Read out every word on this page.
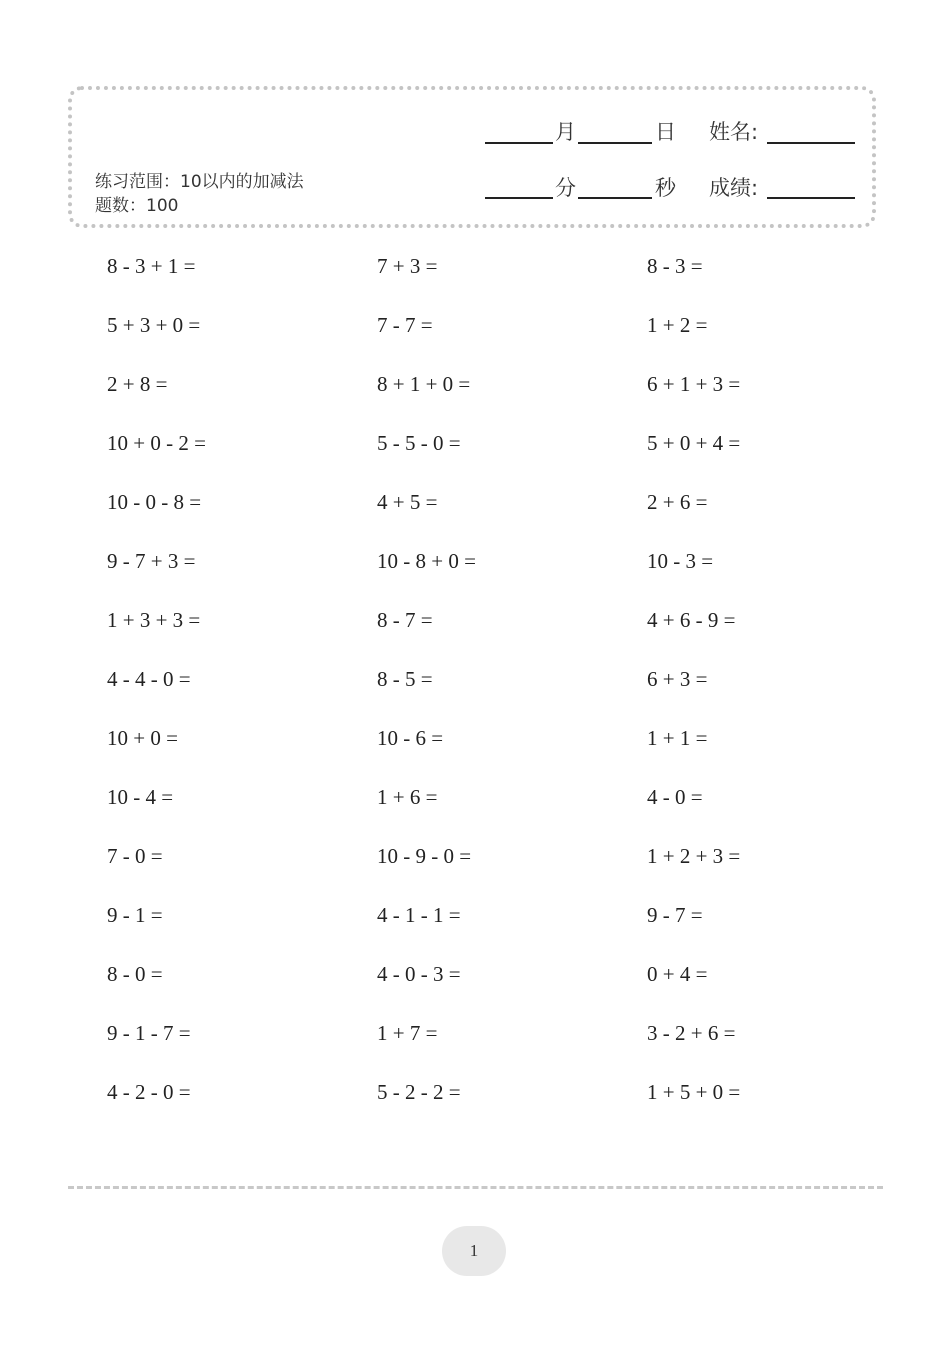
练习范围：10以内的加减法
题数：100
月	日 姓名:
分	秒 成绩:
8 - 3 + 1 =	7 + 3 =	8 - 3 =
5 + 3 + 0 =	7 - 7 =	1 + 2 =
2 + 8 =	8 + 1 + 0 =	6 + 1 + 3 =
10 + 0 - 2 =	5 - 5 - 0 =	5 + 0 + 4 =
10 - 0 - 8 =	4 + 5 =	2 + 6 =
9 - 7 + 3 =	10 - 8 + 0 =	10 - 3 =
1 + 3 + 3 =	8 - 7 =	4 + 6 - 9 =
4 - 4 - 0 =	8 - 5 =	6 + 3 =
10 + 0 =	10 - 6 =	1 + 1 =
10 - 4 =	1 + 6 =	4 - 0 =
7 - 0 =	10 - 9 - 0 =	1 + 2 + 3 =
9 - 1 =	4 - 1 - 1 =	9 - 7 =
8 - 0 =	4 - 0 - 3 =	0 + 4 =
9 - 1 - 7 =	1 + 7 =	3 - 2 + 6 =
4 - 2 - 0 =	5 - 2 - 2 =	1 + 5 + 0 =
1
